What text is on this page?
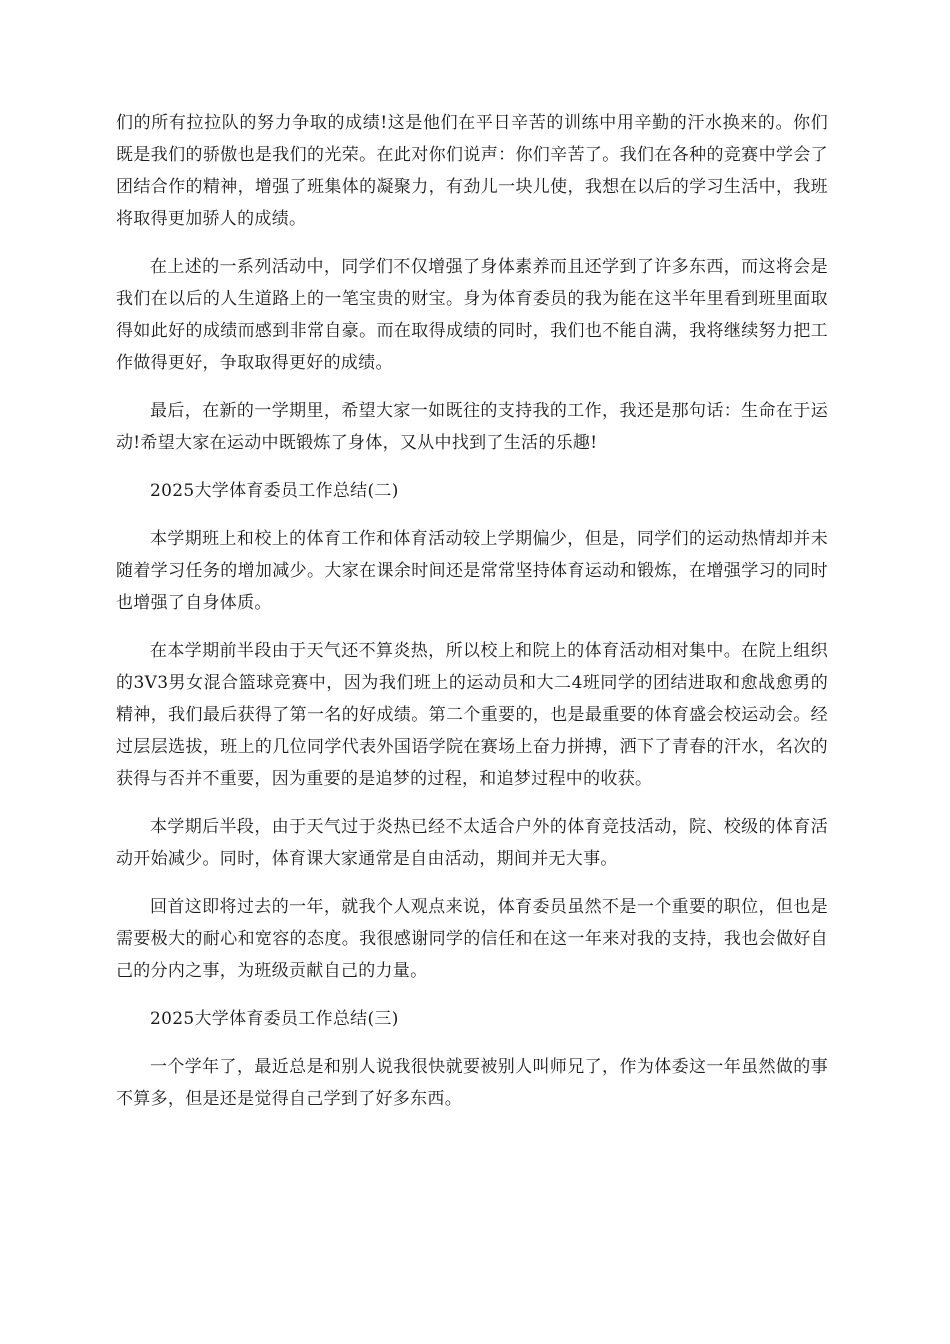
们的所有拉拉队的努力争取的成绩!这是他们在平日辛苦的训练中用辛勤的汗水换来的。你们既是我们的骄傲也是我们的光荣。在此对你们说声：你们辛苦了。我们在各种的竞赛中学会了团结合作的精神，增强了班集体的凝聚力，有劲儿一块儿使，我想在以后的学习生活中，我班将取得更加骄人的成绩。

在上述的一系列活动中，同学们不仅增强了身体素养而且还学到了许多东西，而这将会是我们在以后的人生道路上的一笔宝贵的财宝。身为体育委员的我为能在这半年里看到班里面取得如此好的成绩而感到非常自豪。而在取得成绩的同时，我们也不能自满，我将继续努力把工作做得更好，争取取得更好的成绩。

最后，在新的一学期里，希望大家一如既往的支持我的工作，我还是那句话：生命在于运动!希望大家在运动中既锻炼了身体，又从中找到了生活的乐趣!

2025大学体育委员工作总结(二)

本学期班上和校上的体育工作和体育活动较上学期偏少，但是，同学们的运动热情却并未随着学习任务的增加减少。大家在课余时间还是常常坚持体育运动和锻炼，在增强学习的同时也增强了自身体质。

在本学期前半段由于天气还不算炎热，所以校上和院上的体育活动相对集中。在院上组织的3V3男女混合篮球竞赛中，因为我们班上的运动员和大二4班同学的团结进取和愈战愈勇的精神，我们最后获得了第一名的好成绩。第二个重要的，也是最重要的体育盛会校运动会。经过层层选拔，班上的几位同学代表外国语学院在赛场上奋力拼搏，洒下了青春的汗水，名次的获得与否并不重要，因为重要的是追梦的过程，和追梦过程中的收获。

本学期后半段，由于天气过于炎热已经不太适合户外的体育竞技活动，院、校级的体育活动开始减少。同时，体育课大家通常是自由活动，期间并无大事。

回首这即将过去的一年，就我个人观点来说，体育委员虽然不是一个重要的职位，但也是需要极大的耐心和宽容的态度。我很感谢同学的信任和在这一年来对我的支持，我也会做好自己的分内之事，为班级贡献自己的力量。

2025大学体育委员工作总结(三)

一个学年了，最近总是和别人说我很快就要被别人叫师兄了，作为体委这一年虽然做的事不算多，但是还是觉得自己学到了好多东西。
